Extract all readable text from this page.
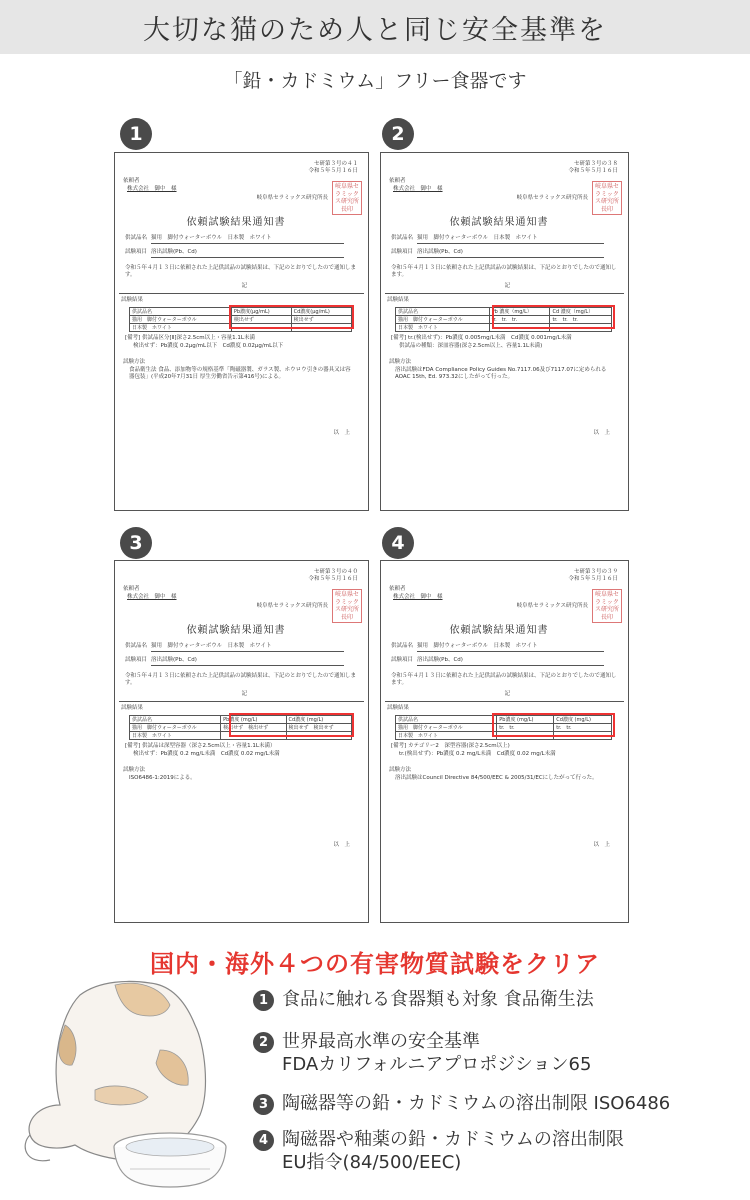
大切な猫のため人と同じ安全基準を
「鉛・カドミウム」フリー食器です
1	2
3	4
セ研第３号の４１
令和５年５月１６日
依頼者
株式会社　御中　様
岐阜県セラミックス研究所長
岐阜県セラミックス研究所長印
依頼試験結果通知書
供試品名 猫用　脚付ウォーターボウル　日本製　ホワイト
試験項目 溶出試験(Pb、Cd)
令和５年４月１３日に依頼された上記供試品の試験結果は、下記のとおりでしたので通知します。
記
試験結果
供試品名	Pb濃度(μg/mL)	Cd濃度(μg/mL)
猫用　脚付ウォーターボウル	検出せず	検出せず
日本製　ホワイト		
[備考] 供試品区分[Ⅱ]深さ2.5cm以上・容量1.1L未満
検出せず：Pb濃度 0.2μg/mL以下　Cd濃度 0.02μg/mL以下
試験方法
食品衛生法 食品、添加物等の規格基準「陶磁器製、ガラス製、ホウロウ引きの器具又は容器包装」(平成20年7月31日 厚生労働省告示第416号)による。
以　上
セ研第３号の３８
令和５年５月１６日
依頼者
株式会社　御中　様
岐阜県セラミックス研究所長
岐阜県セラミックス研究所長印
依頼試験結果通知書
供試品名 猫用　脚付ウォーターボウル　日本製　ホワイト
試験項目 溶出試験(Pb、Cd)
令和５年４月１３日に依頼された上記供試品の試験結果は、下記のとおりでしたので通知します。
記
試験結果
供試品名	Pb 濃度（mg/L）	Cd 濃度（mg/L）
猫用　脚付ウォーターボウル	tr.　tr.　tr.	tr.　tr.　tr.
日本製　ホワイト		
[備考] tr.(検出せず)：Pb濃度 0.005mg/L未満　Cd濃度 0.001mg/L未満
供試品の種類：深皿容器(深さ2.5cm以上、容量1.1L未満)
試験方法
溶出試験はFDA Compliance Policy Guides No.7117.06及び7117.07に定められるAOAC 15th, Ed. 973.32にしたがって行った。
以　上
セ研第３号の４０
令和５年５月１６日
依頼者
株式会社　御中　様
岐阜県セラミックス研究所長
岐阜県セラミックス研究所長印
依頼試験結果通知書
供試品名 猫用　脚付ウォーターボウル　日本製　ホワイト
試験項目 溶出試験(Pb、Cd)
令和５年４月１３日に依頼された上記供試品の試験結果は、下記のとおりでしたので通知します。
記
試験結果
供試品名	Pb濃度 (mg/L)	Cd濃度 (mg/L)
猫用　脚付ウォーターボウル	検出せず　検出せず	検出せず　検出せず
日本製　ホワイト		
[備考] 供試品は深型容器（深さ2.5cm以上・容量1.1L未満）
検出せず：Pb濃度 0.2 mg/L未満　Cd濃度 0.02 mg/L未満
試験方法
ISO6486-1:2019による。
以　上
セ研第３号の３９
令和５年５月１６日
依頼者
株式会社　御中　様
岐阜県セラミックス研究所長
岐阜県セラミックス研究所長印
依頼試験結果通知書
供試品名 猫用　脚付ウォーターボウル　日本製　ホワイト
試験項目 溶出試験(Pb、Cd)
令和５年４月１３日に依頼された上記供試品の試験結果は、下記のとおりでしたので通知します。
記
試験結果
供試品名	Pb濃度 (mg/L)	Cd濃度 (mg/L)
猫用　脚付ウォーターボウル	tr.　tr.	tr.　tr.
日本製　ホワイト		
[備考] カテゴリー2　深型容器(深さ2.5cm以上)
tr.(検出せず)：Pb濃度 0.2 mg/L未満　Cd濃度 0.02 mg/L未満
試験方法
溶出試験はCouncil Directive 84/500/EEC & 2005/31/ECにしたがって行った。
以　上
国内・海外４つの有害物質試験をクリア
1 食品に触れる食器類も対象 食品衛生法
2 世界最高水準の安全基準
FDAカリフォルニアプロポジション65
3 陶磁器等の鉛・カドミウムの溶出制限 ISO6486
4 陶磁器や釉薬の鉛・カドミウムの溶出制限
EU指令(84/500/EEC)
